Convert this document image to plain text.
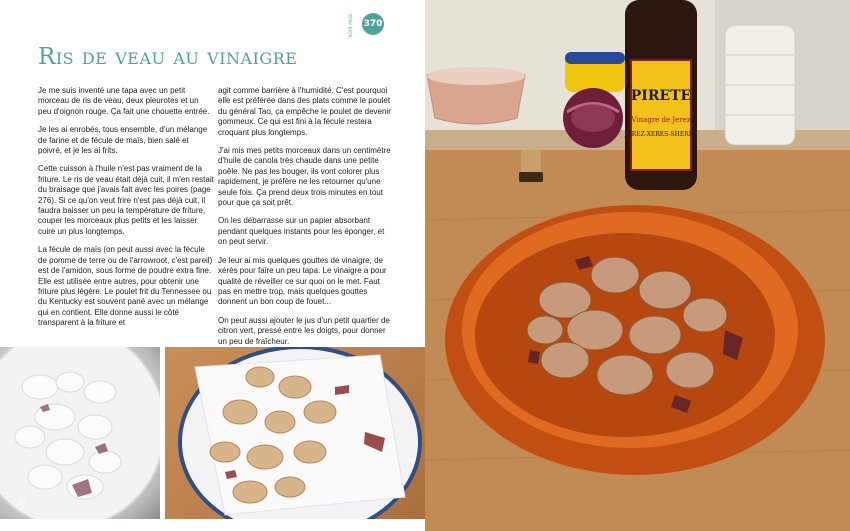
NOIR PAGE 370
Ris de veau au vinaigre

Je me suis inventé une tapa avec un petit morceau de ris de veau, deux pleurotes et un peu d'oignon rouge. Ça fait une chouette entrée.

Je les ai enrobés, tous ensemble, d'un mélange de farine et de fécule de maïs, bien salé et poivré, et je les ai frits.

Cette cuisson à l'huile n'est pas vraiment de la friture. Le ris de veau était déjà cuit, il m'en restait du braisage que j'avais fait avec les poires (page 276). Si ce qu'on veut frire n'est pas déjà cuit, il faudra baisser un peu la température de friture, couper les morceaux plus petits et les laisser cuire un plus longtemps.

La fécule de maïs (on peut aussi avec la fécule de pomme de terre ou de l'arrowroot, c'est pareil) est de l'amidon, sous forme de poudre extra fine. Elle est utilisée entre autres, pour obtenir une friture plus légère. Le poulet frit du Tennessee ou du Kentucky est souvent pané avec un mélange qui en contient. Elle donne aussi le côté transparent à la friture et

agit comme barrière à l'humidité. C'est pourquoi elle est préférée dans des plats comme le poulet du général Tao, ça empêche le poulet de devenir gommeux. Ce qui est fini à la fécule restera croquant plus longtemps.

J'ai mis mes petits morceaux dans un centimètre d'huile de canola très chaude dans une petite poêle. Ne pas les bouger, ils vont colorer plus rapidement, je préfère ne les retourner qu'une seule fois. Ça prend deux trois minutes en tout pour que ça soit prêt.

On les débarrasse sur un papier absorbant pendant quelques instants pour les éponger, et on peut servir.

Je leur ai mis quelques gouttes de vinaigre, de xérès pour faire un peu tapa. Le vinaigre a pour qualité de réveiller ce sur quoi on le met. Faut pas en mettre trop, mais quelques gouttes donnent un bon coup de fouet...

On peut aussi ajouter le jus d'un petit quartier de citron vert, pressé entre les doigts, pour donner un peu de fraîcheur.

46
PIRETE
Vinagre de Jerez
JEREZ-XERES-SHERRY
